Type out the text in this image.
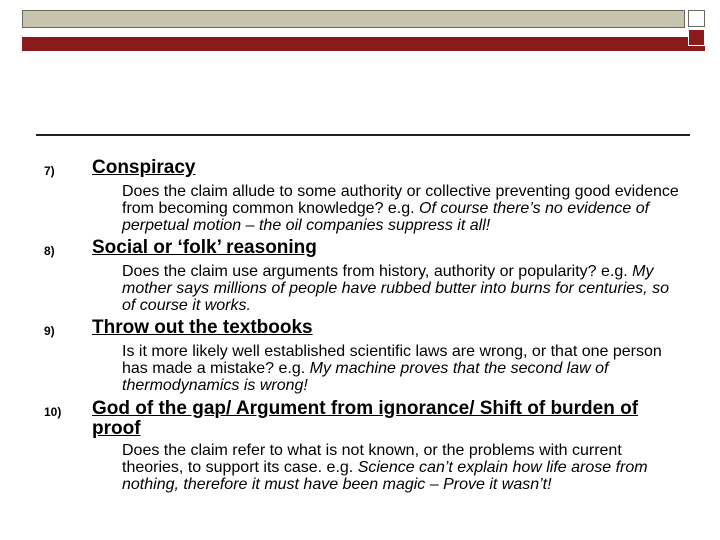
7) Conspiracy
Does the claim allude to some authority or collective preventing good evidence from becoming common knowledge? e.g. Of course there’s no evidence of perpetual motion – the oil companies suppress it all!
8) Social or ‘folk’ reasoning
Does the claim use arguments from history, authority or popularity? e.g. My mother says millions of people have rubbed butter into burns for centuries, so of course it works.
9) Throw out the textbooks
Is it more likely well established scientific laws are wrong, or that one person has made a mistake? e.g. My machine proves that the second law of thermodynamics is wrong!
10) God of the gap/ Argument from ignorance/ Shift of burden of proof
Does the claim refer to what is not known, or the problems with current theories, to support its case. e.g. Science can’t explain how life arose from nothing, therefore it must have been magic – Prove it wasn’t!
